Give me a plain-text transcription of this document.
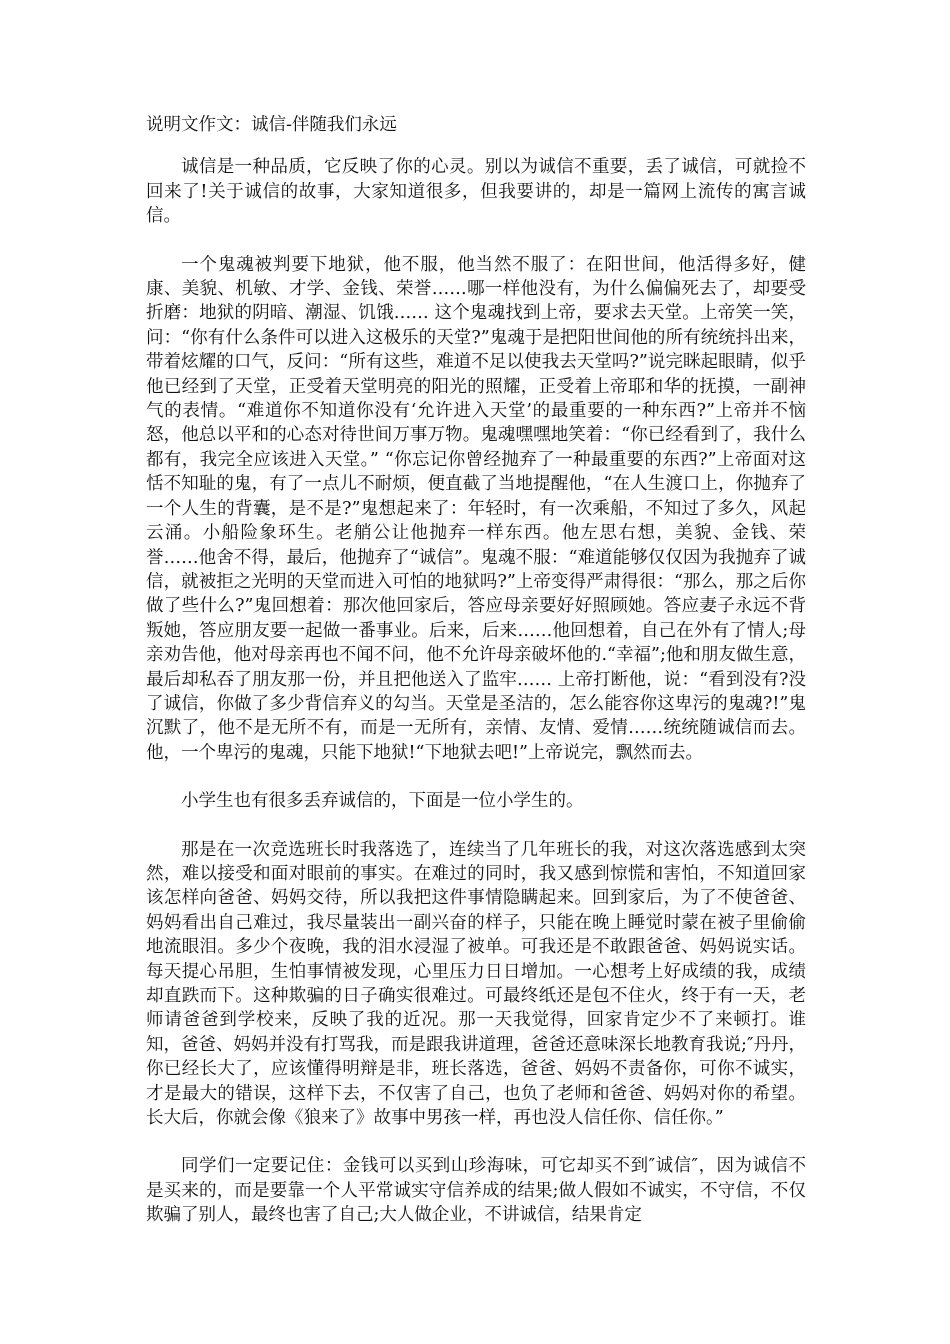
说明文作文：诚信-伴随我们永远

诚信是一种品质，它反映了你的心灵。别以为诚信不重要，丢了诚信，可就捡不回来了!关于诚信的故事，大家知道很多，但我要讲的，却是一篇网上流传的寓言诚信。

一个鬼魂被判要下地狱，他不服，他当然不服了：在阳世间，他活得多好，健康、美貌、机敏、才学、金钱、荣誉……哪一样他没有，为什么偏偏死去了，却要受折磨：地狱的阴暗、潮湿、饥饿…… 这个鬼魂找到上帝，要求去天堂。上帝笑一笑，问：“你有什么条件可以进入这极乐的天堂?”鬼魂于是把阳世间他的所有统统抖出来，带着炫耀的口气，反问：“所有这些，难道不足以使我去天堂吗?”说完眯起眼睛，似乎他已经到了天堂，正受着天堂明亮的阳光的照耀，正受着上帝耶和华的抚摸，一副神气的表情。“难道你不知道你没有‘允许进入天堂’的最重要的一种东西?”上帝并不恼怒，他总以平和的心态对待世间万事万物。鬼魂嘿嘿地笑着：“你已经看到了，我什么都有，我完全应该进入天堂。” “你忘记你曾经抛弃了一种最重要的东西?”上帝面对这恬不知耻的鬼，有了一点儿不耐烦，便直截了当地提醒他，“在人生渡口上，你抛弃了一个人生的背囊，是不是?”鬼想起来了：年轻时，有一次乘船，不知过了多久，风起云涌。小船险象环生。老艄公让他抛弃一样东西。他左思右想，美貌、金钱、荣誉……他舍不得，最后，他抛弃了“诚信”。鬼魂不服：“难道能够仅仅因为我抛弃了诚信，就被拒之光明的天堂而进入可怕的地狱吗?”上帝变得严肃得很：“那么，那之后你做了些什么?”鬼回想着：那次他回家后，答应母亲要好好照顾她。答应妻子永远不背叛她，答应朋友要一起做一番事业。后来，后来……他回想着，自己在外有了情人;母亲劝告他，他对母亲再也不闻不问，他不允许母亲破坏他的.“幸福”;他和朋友做生意，最后却私吞了朋友那一份，并且把他送入了监牢…… 上帝打断他，说：“看到没有?没了诚信，你做了多少背信弃义的勾当。天堂是圣洁的，怎么能容你这卑污的鬼魂?!”鬼沉默了，他不是无所不有，而是一无所有，亲情、友情、爱情……统统随诚信而去。他，一个卑污的鬼魂，只能下地狱!“下地狱去吧!”上帝说完，飘然而去。

小学生也有很多丢弃诚信的，下面是一位小学生的。

那是在一次竞选班长时我落选了，连续当了几年班长的我，对这次落选感到太突然，难以接受和面对眼前的事实。在难过的同时，我又感到惊慌和害怕，不知道回家该怎样向爸爸、妈妈交待，所以我把这件事情隐瞒起来。回到家后，为了不使爸爸、妈妈看出自己难过，我尽量装出一副兴奋的样子，只能在晚上睡觉时蒙在被子里偷偷地流眼泪。多少个夜晚，我的泪水浸湿了被单。可我还是不敢跟爸爸、妈妈说实话。每天提心吊胆，生怕事情被发现，心里压力日日增加。一心想考上好成绩的我，成绩却直跌而下。这种欺骗的日子确实很难过。可最终纸还是包不住火，终于有一天，老师请爸爸到学校来，反映了我的近况。那一天我觉得，回家肯定少不了来顿打。谁知，爸爸、妈妈并没有打骂我，而是跟我讲道理，爸爸还意味深长地教育我说;″丹丹，你已经长大了，应该懂得明辩是非，班长落选，爸爸、妈妈不责备你，可你不诚实，才是最大的错误，这样下去，不仅害了自己，也负了老师和爸爸、妈妈对你的希望。长大后，你就会像《狼来了》故事中男孩一样，再也没人信任你、信任你。”

同学们一定要记住：金钱可以买到山珍海味，可它却买不到″诚信″，因为诚信不是买来的，而是要靠一个人平常诚实守信养成的结果;做人假如不诚实，不守信，不仅欺骗了别人，最终也害了自己;大人做企业，不讲诚信，结果肯定
